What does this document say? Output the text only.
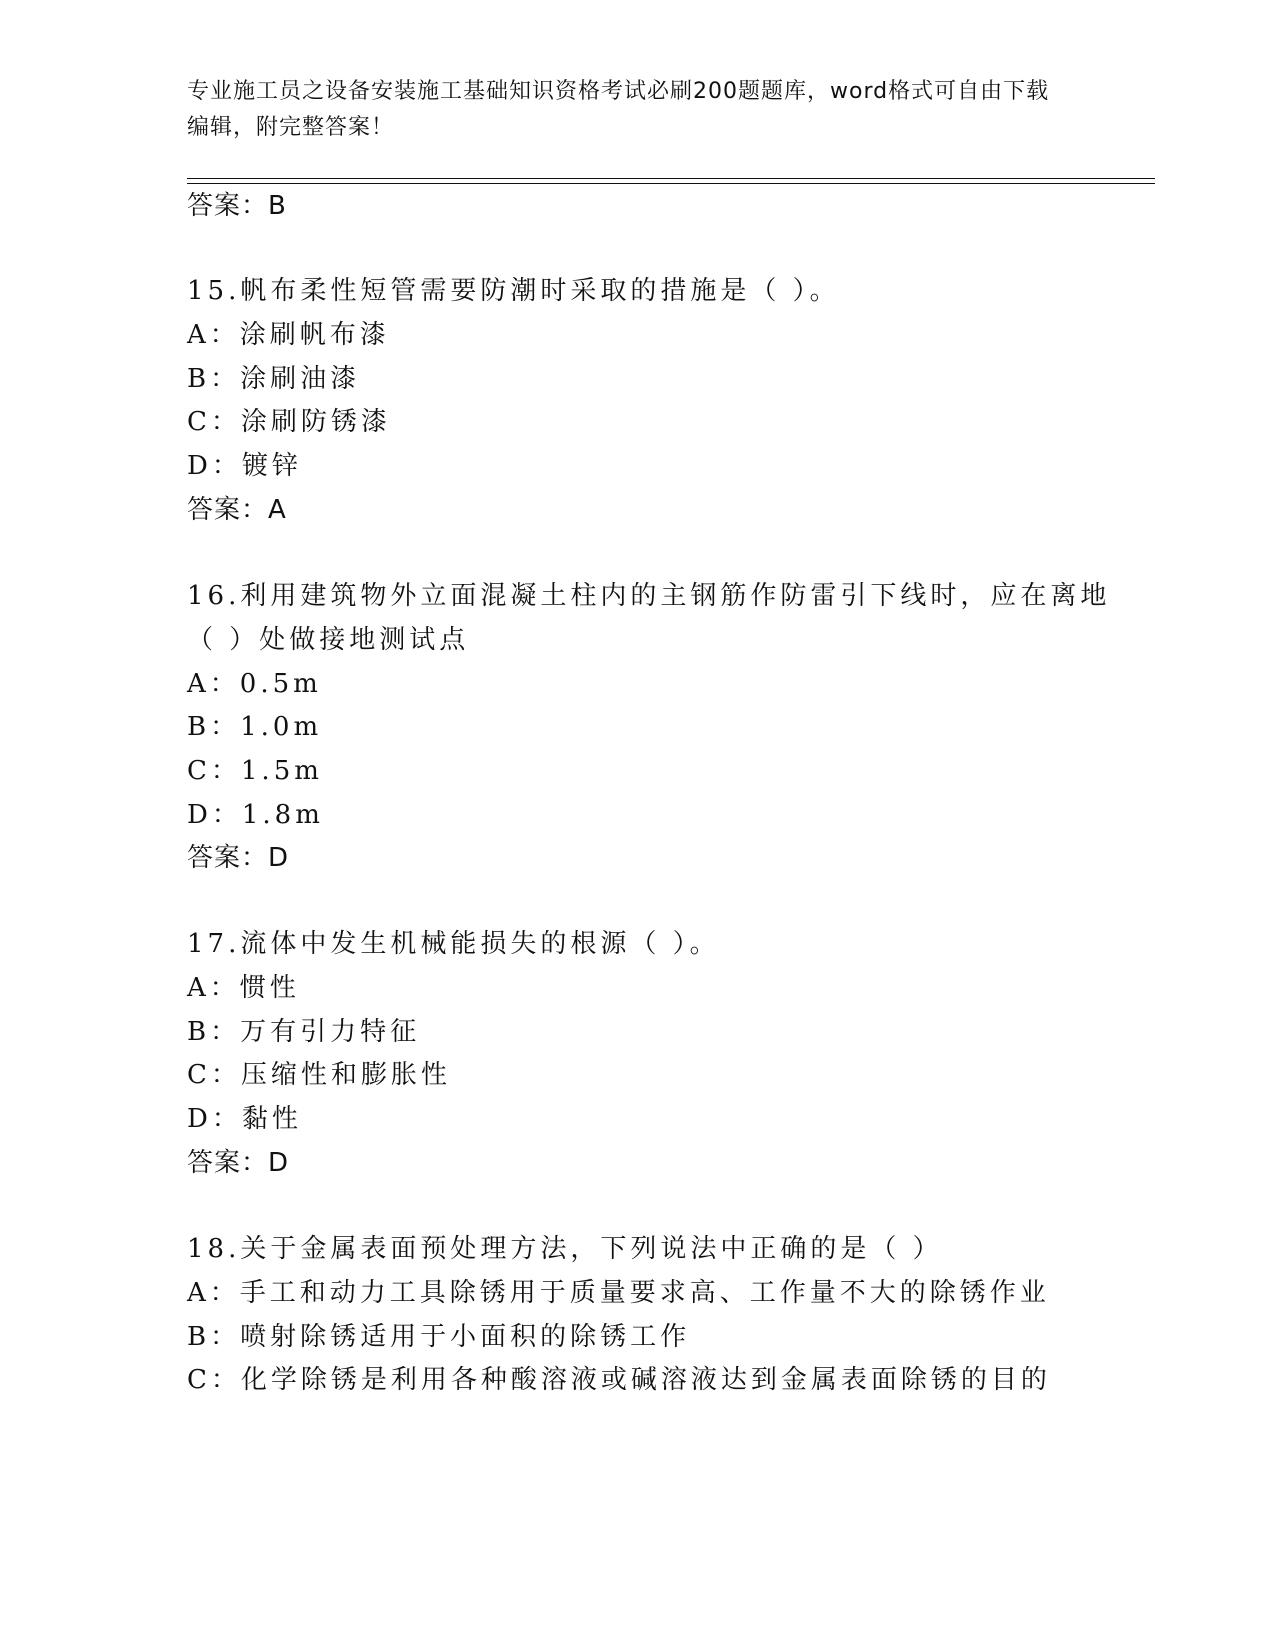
专业施工员之设备安装施工基础知识资格考试必刷200题题库，word格式可自由下载编辑，附完整答案！
答案：B
15.帆布柔性短管需要防潮时采取的措施是（ ）。
A：涂刷帆布漆
B：涂刷油漆
C：涂刷防锈漆
D：镀锌
答案：A
16.利用建筑物外立面混凝土柱内的主钢筋作防雷引下线时，应在离地
（ ）处做接地测试点
A：0.5m
B：1.0m
C：1.5m
D：1.8m
答案：D
17.流体中发生机械能损失的根源（ ）。
A：惯性
B：万有引力特征
C：压缩性和膨胀性
D：黏性
答案：D
18.关于金属表面预处理方法，下列说法中正确的是（ ）
A：手工和动力工具除锈用于质量要求高、工作量不大的除锈作业
B：喷射除锈适用于小面积的除锈工作
C：化学除锈是利用各种酸溶液或碱溶液达到金属表面除锈的目的
